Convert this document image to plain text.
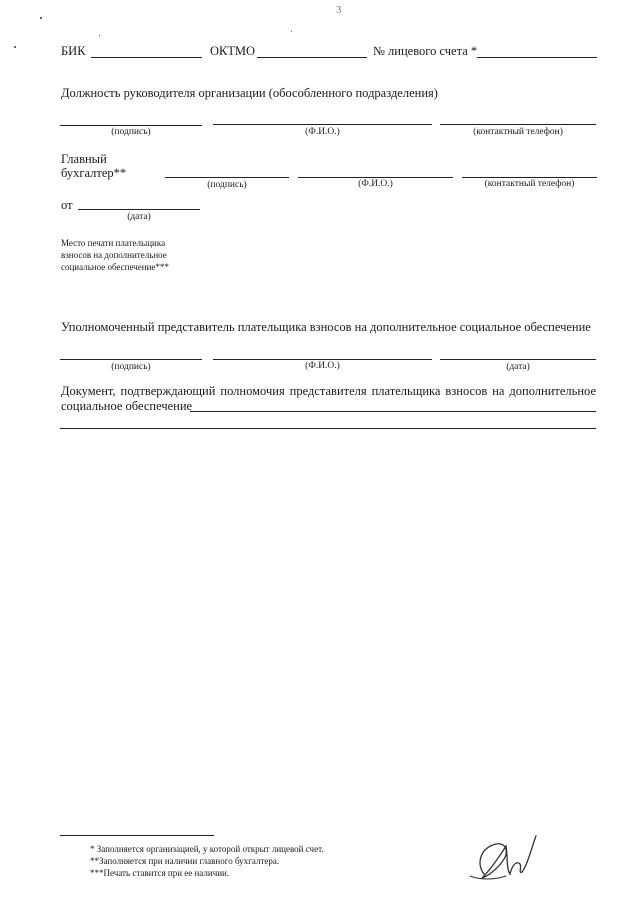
3
БИК	ОКТМО	№ лицевого счета *
Должность руководителя организации (обособленного подразделения)
(подпись)	(Ф.И.О.)	(контактный телефон)
Главный
бухгалтер**
(подпись)	(Ф.И.О.)	(контактный телефон)
от
(дата)
Место печати плательщика
взносов на дополнительное
социальное обеспечение***
Уполномоченный представитель плательщика взносов на дополнительное социальное обеспечение
(подпись)	(Ф.И.О.)	(дата)
Документ, подтверждающий полномочия представителя плательщика взносов на дополнительное
социальное обеспечение
* Заполняется организацией, у которой открыт лицевой счет.
**Заполняется при наличии главного бухгалтера.
***Печать ставится при ее наличии.
